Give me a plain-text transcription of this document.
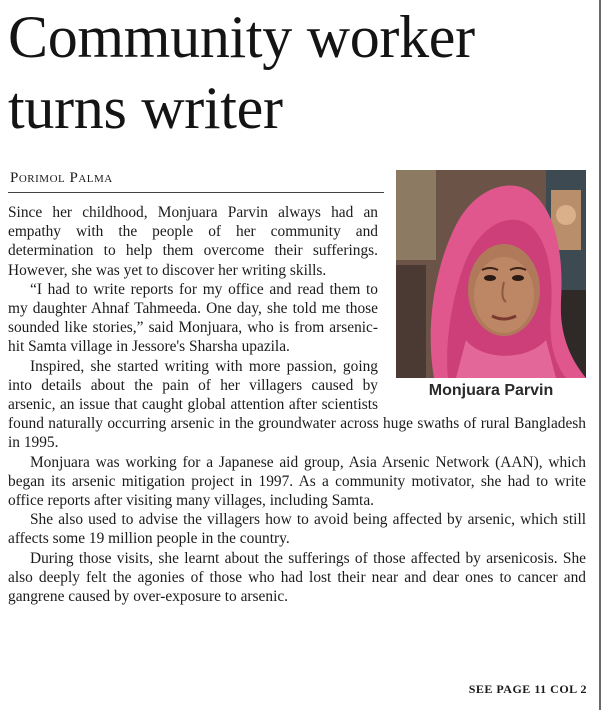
Community worker turns writer
Porimol Palma
Monjuara Parvin

Since her childhood, Monjuara Parvin always had an empathy with the people of her community and determination to help them overcome their sufferings. However, she was yet to discover her writing skills.

“I had to write reports for my office and read them to my daughter Ahnaf Tahmeeda. One day, she told me those sounded like stories,” said Monjuara, who is from arsenic-hit Samta village in Jessore's Sharsha upazila.

Inspired, she started writing with more passion, going into details about the pain of her villagers caused by arsenic, an issue that caught global attention after scientists found naturally occurring arsenic in the groundwater across huge swaths of rural Bangladesh in 1995.

Monjuara was working for a Japanese aid group, Asia Arsenic Network (AAN), which began its arsenic mitigation project in 1997. As a community motivator, she had to write office reports after visiting many villages, including Samta.

She also used to advise the villagers how to avoid being affected by arsenic, which still affects some 19 million people in the country.

During those visits, she learnt about the sufferings of those affected by arsenicosis. She also deeply felt the agonies of those who had lost their near and dear ones to cancer and gangrene caused by over-exposure to arsenic.

SEE PAGE 11 COL 2
